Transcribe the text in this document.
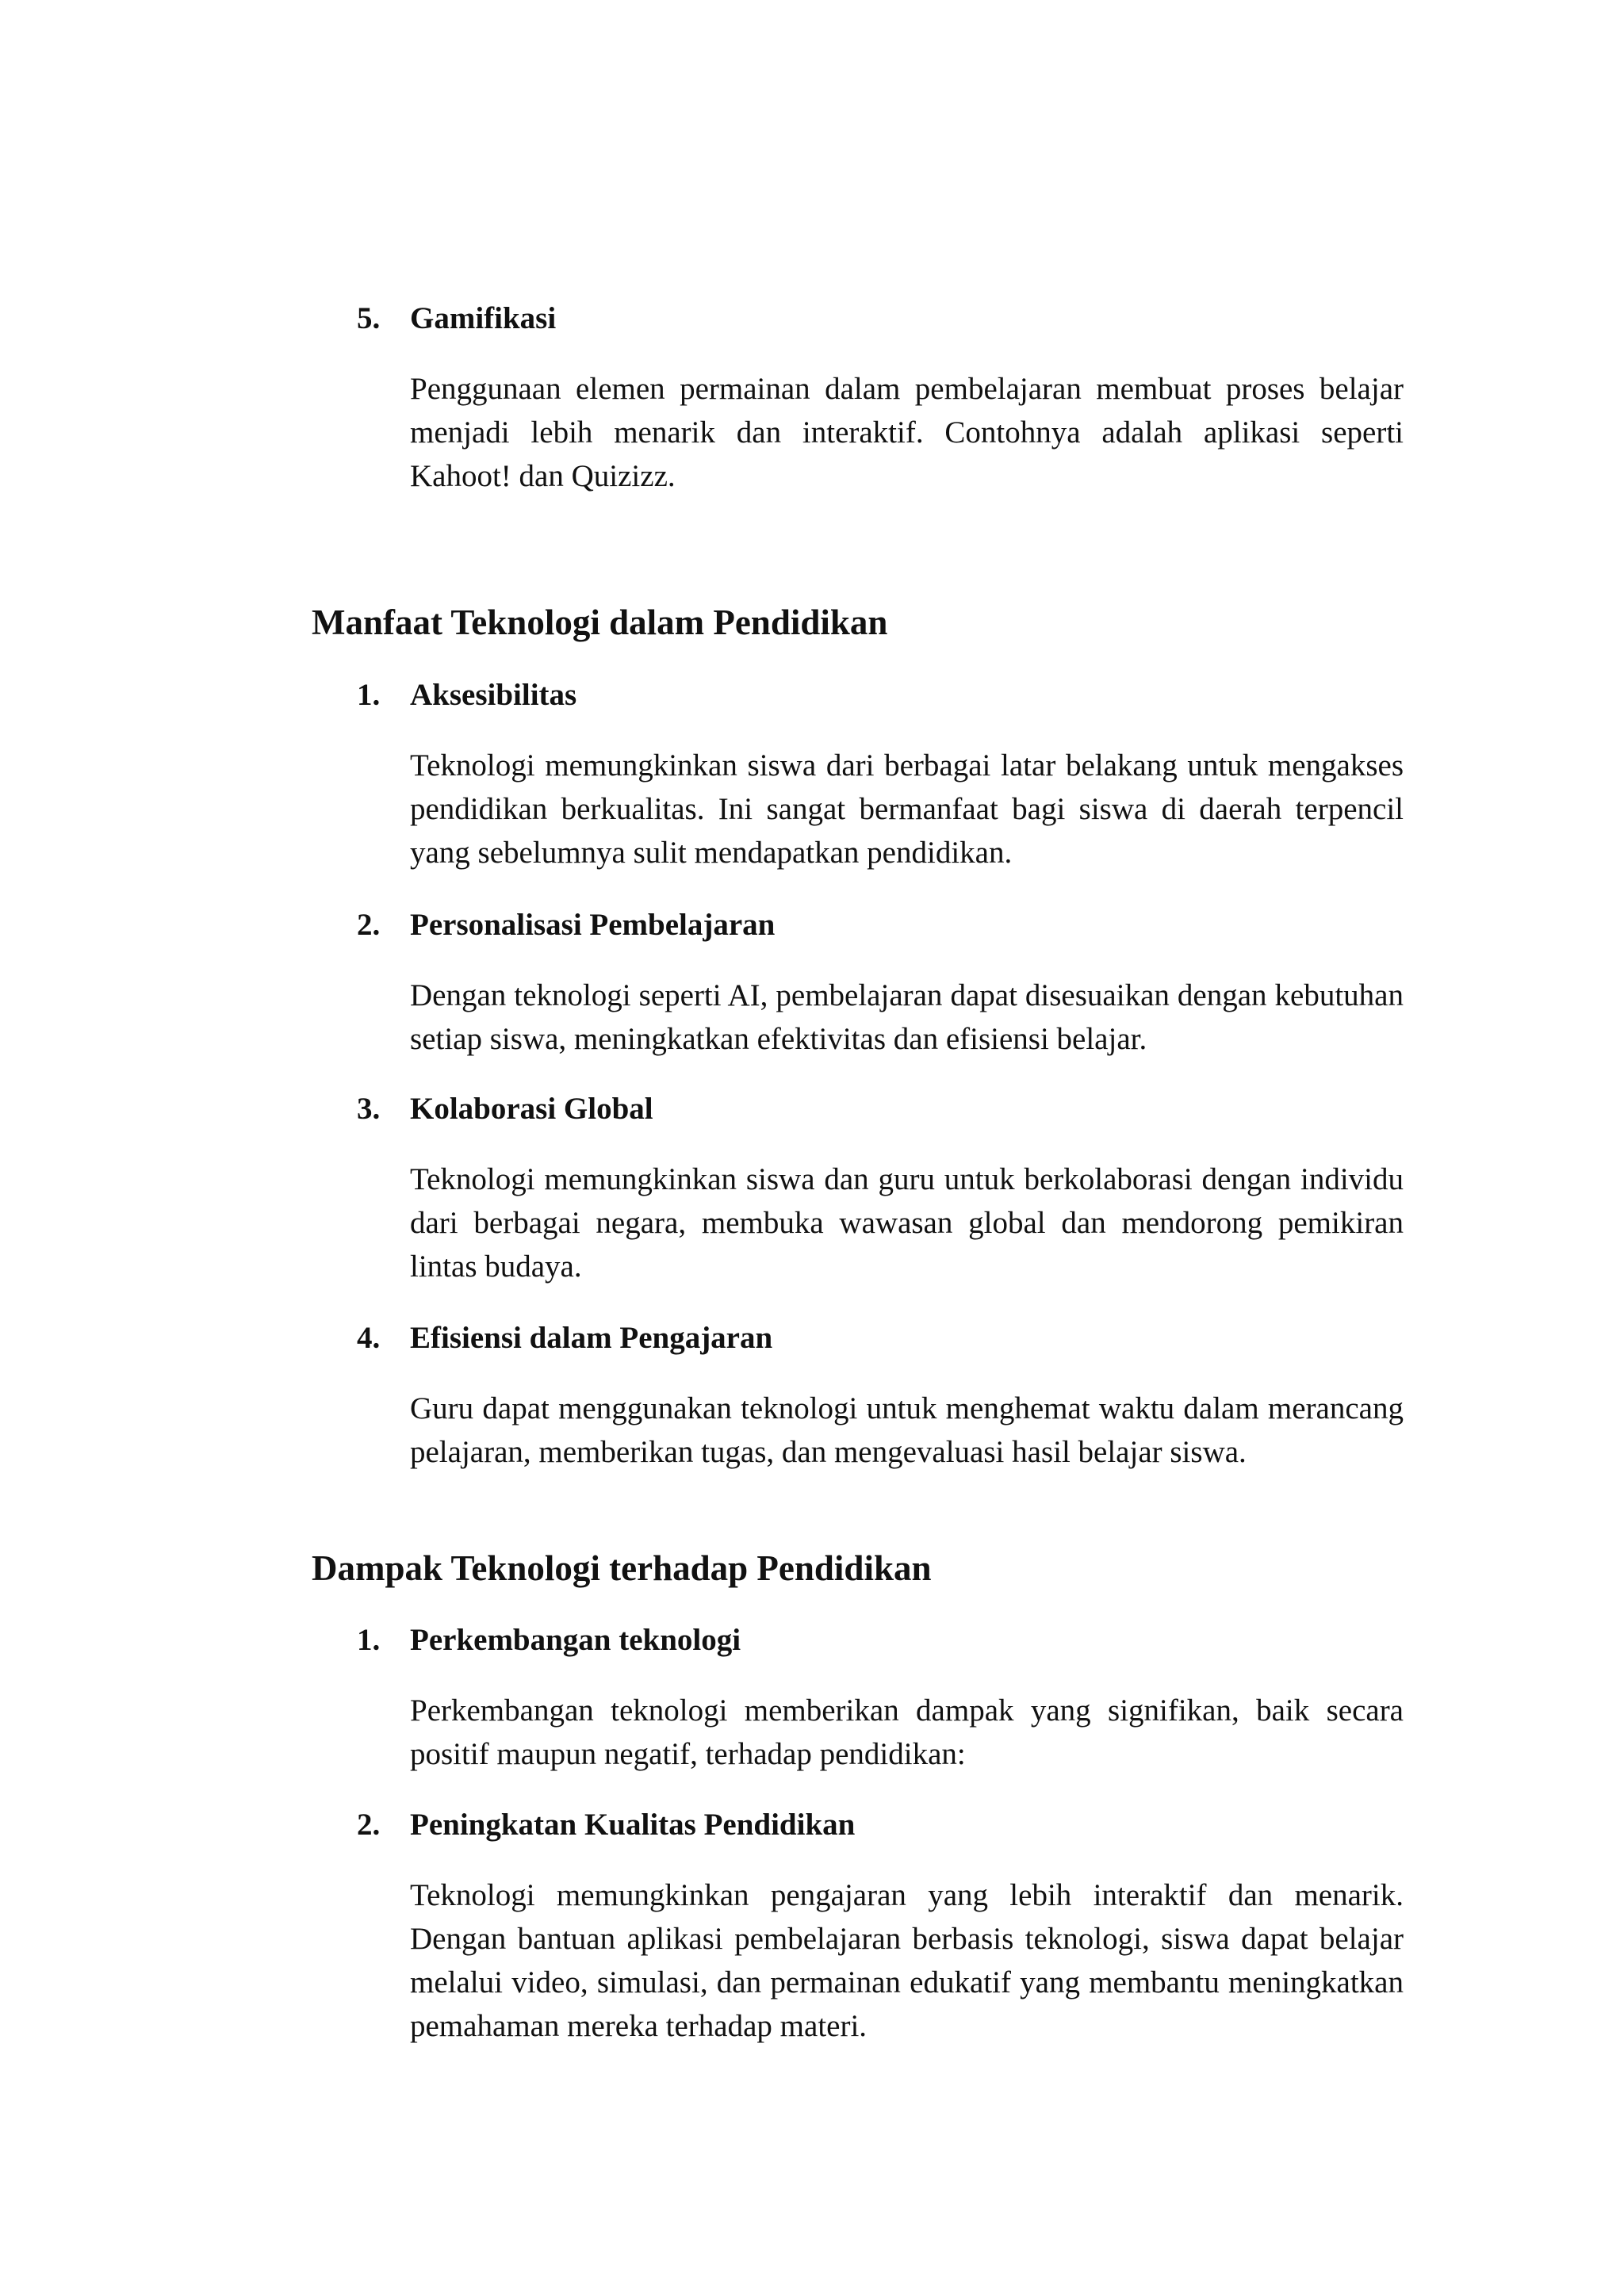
5. Gamifikasi
Penggunaan elemen permainan dalam pembelajaran membuat proses belajar menjadi lebih menarik dan interaktif. Contohnya adalah aplikasi seperti Kahoot! dan Quizizz.
Manfaat Teknologi dalam Pendidikan
1. Aksesibilitas
Teknologi memungkinkan siswa dari berbagai latar belakang untuk mengakses pendidikan berkualitas. Ini sangat bermanfaat bagi siswa di daerah terpencil yang sebelumnya sulit mendapatkan pendidikan.
2. Personalisasi Pembelajaran
Dengan teknologi seperti AI, pembelajaran dapat disesuaikan dengan kebutuhan setiap siswa, meningkatkan efektivitas dan efisiensi belajar.
3. Kolaborasi Global
Teknologi memungkinkan siswa dan guru untuk berkolaborasi dengan individu dari berbagai negara, membuka wawasan global dan mendorong pemikiran lintas budaya.
4. Efisiensi dalam Pengajaran
Guru dapat menggunakan teknologi untuk menghemat waktu dalam merancang pelajaran, memberikan tugas, dan mengevaluasi hasil belajar siswa.
Dampak Teknologi terhadap Pendidikan
1. Perkembangan teknologi
Perkembangan teknologi memberikan dampak yang signifikan, baik secara positif maupun negatif, terhadap pendidikan:
2. Peningkatan Kualitas Pendidikan
Teknologi memungkinkan pengajaran yang lebih interaktif dan menarik. Dengan bantuan aplikasi pembelajaran berbasis teknologi, siswa dapat belajar melalui video, simulasi, dan permainan edukatif yang membantu meningkatkan pemahaman mereka terhadap materi.
